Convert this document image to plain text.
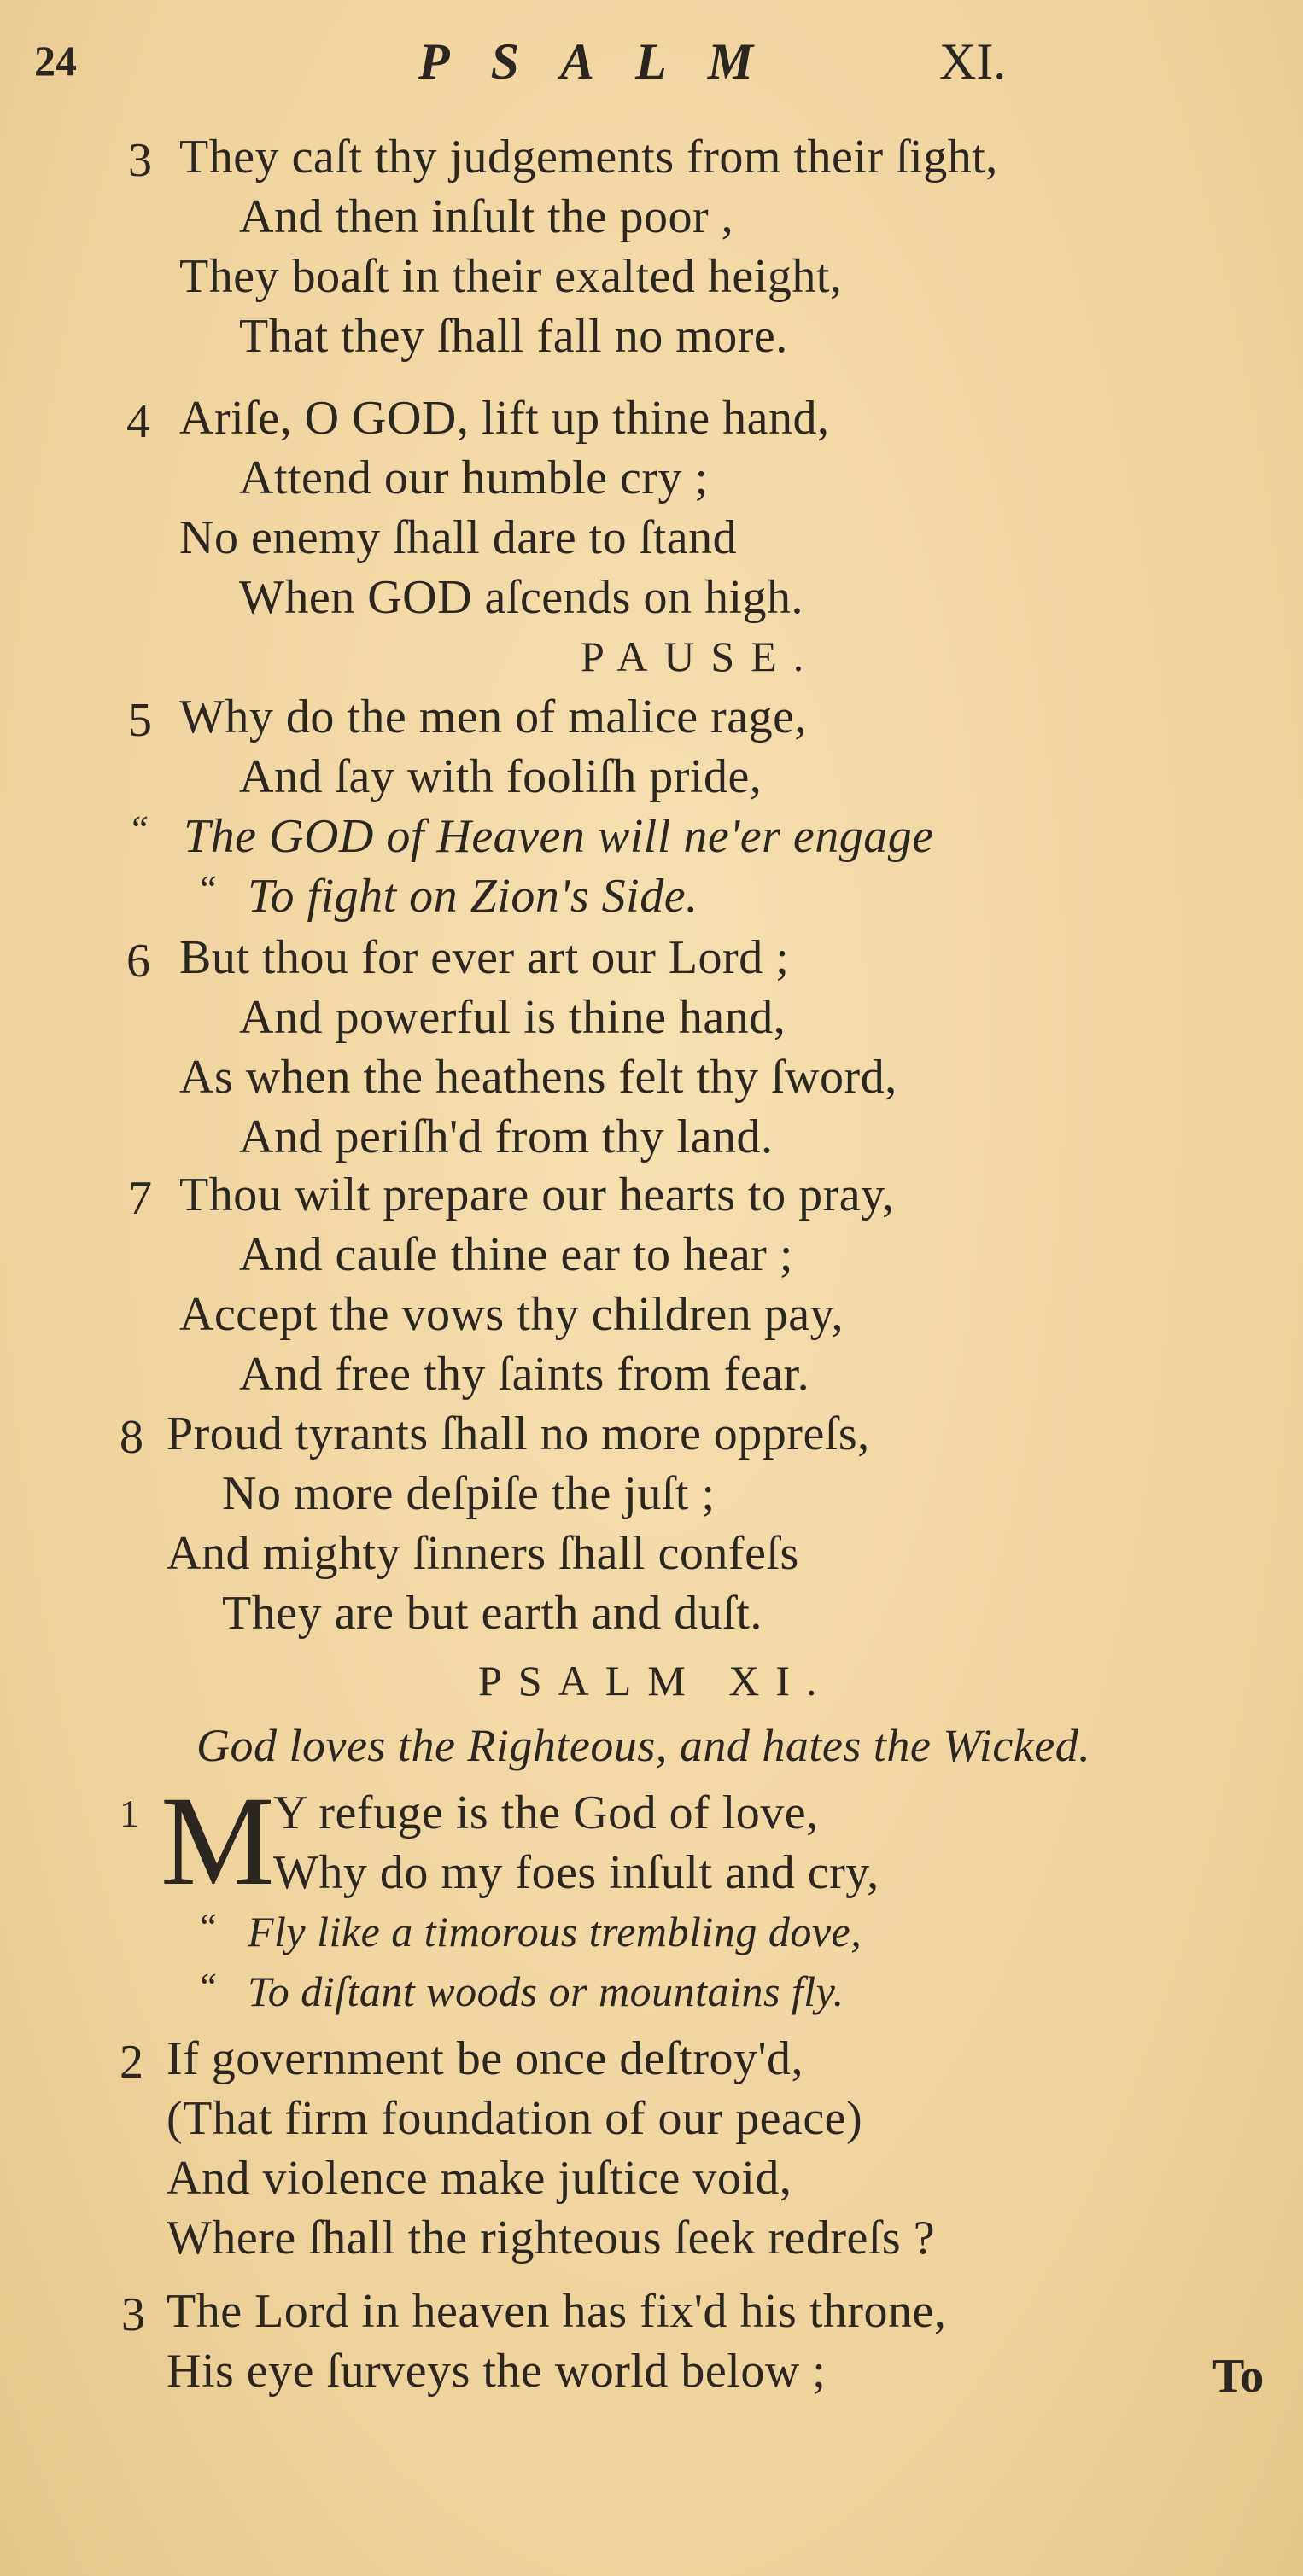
24	PSALM	XI.
3 They caſt thy judgements from their ſight,
And then inſult the poor ,
They boaſt in their exalted height,
That they ſhall fall no more.
4 Ariſe, O GOD, lift up thine hand,
Attend our humble cry ;
No enemy ſhall dare to ſtand
When GOD aſcends on high.
PAUSE.
5 Why do the men of malice rage,
And ſay with fooliſh pride,
“ The GOD of Heaven will ne'er engage
“ To fight on Zion's Side.
6 But thou for ever art our Lord ;
And powerful is thine hand,
As when the heathens felt thy ſword,
And periſh'd from thy land.
7 Thou wilt prepare our hearts to pray,
And cauſe thine ear to hear ;
Accept the vows thy children pay,
And free thy ſaints from fear.
8 Proud tyrants ſhall no more oppreſs,
No more deſpiſe the juſt ;
And mighty ſinners ſhall confeſs
They are but earth and duſt.
PSALM XI.
God loves the Righteous, and hates the Wicked.
1 M
Y refuge is the God of love,
Why do my foes inſult and cry,
“ Fly like a timorous trembling dove,
“ To diſtant woods or mountains fly.
2 If government be once deſtroy'd,
(That firm foundation of our peace)
And violence make juſtice void,
Where ſhall the righteous ſeek redreſs ?
3 The Lord in heaven has fix'd his throne,
His eye ſurveys the world below ;	To
